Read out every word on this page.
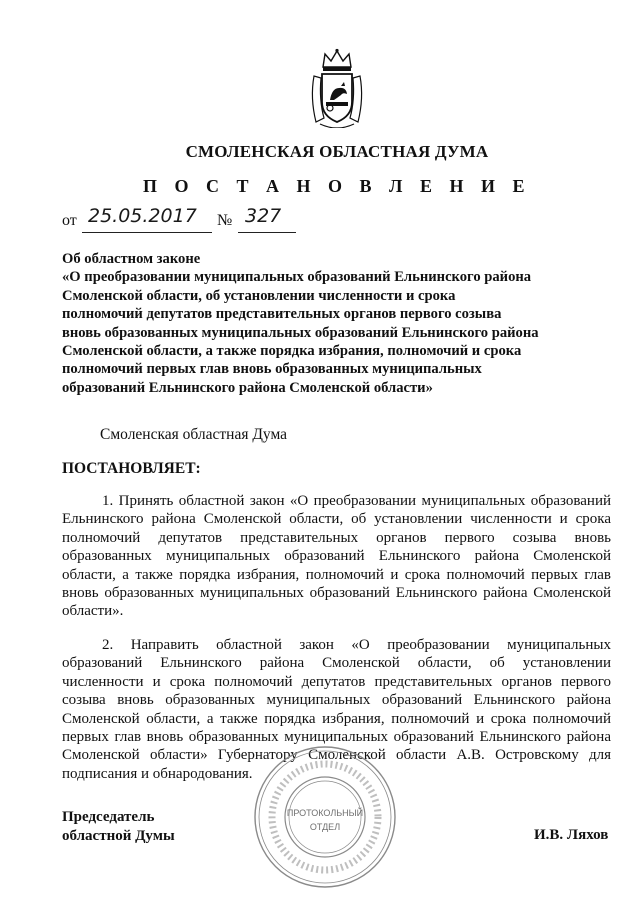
СМОЛЕНСКАЯ ОБЛАСТНАЯ ДУМА
П О С Т А Н О В Л Е Н И Е
от 25.05.2017 № 327
Об областном законе
«О преобразовании муниципальных образований Ельнинского района
Смоленской области, об установлении численности и срока
полномочий депутатов представительных органов первого созыва
вновь образованных муниципальных образований Ельнинского района
Смоленской области, а также порядка избрания, полномочий и срока
полномочий первых глав вновь образованных муниципальных
образований Ельнинского района Смоленской области»
Смоленская областная Дума
ПОСТАНОВЛЯЕТ:
1. Принять областной закон «О преобразовании муниципальных образований
Ельнинского района Смоленской области, об установлении численности и срока
полномочий депутатов представительных органов первого созыва вновь
образованных муниципальных образований Ельнинского района Смоленской
области, а также порядка избрания, полномочий и срока полномочий первых глав
вновь образованных муниципальных образований Ельнинского района Смоленской
области».
2. Направить областной закон «О преобразовании муниципальных
образований Ельнинского района Смоленской области, об установлении
численности и срока полномочий депутатов представительных органов первого
созыва вновь образованных муниципальных образований Ельнинского района
Смоленской области, а также порядка избрания, полномочий и срока полномочий
первых глав вновь образованных муниципальных образований Ельнинского района
Смоленской области» Губернатору Смоленской области А.В. Островскому для
подписания и обнародования.
ПРОТОКОЛЬНЫЙ
ОТДЕЛ
Председатель
областной Думы	И.В. Ляхов
